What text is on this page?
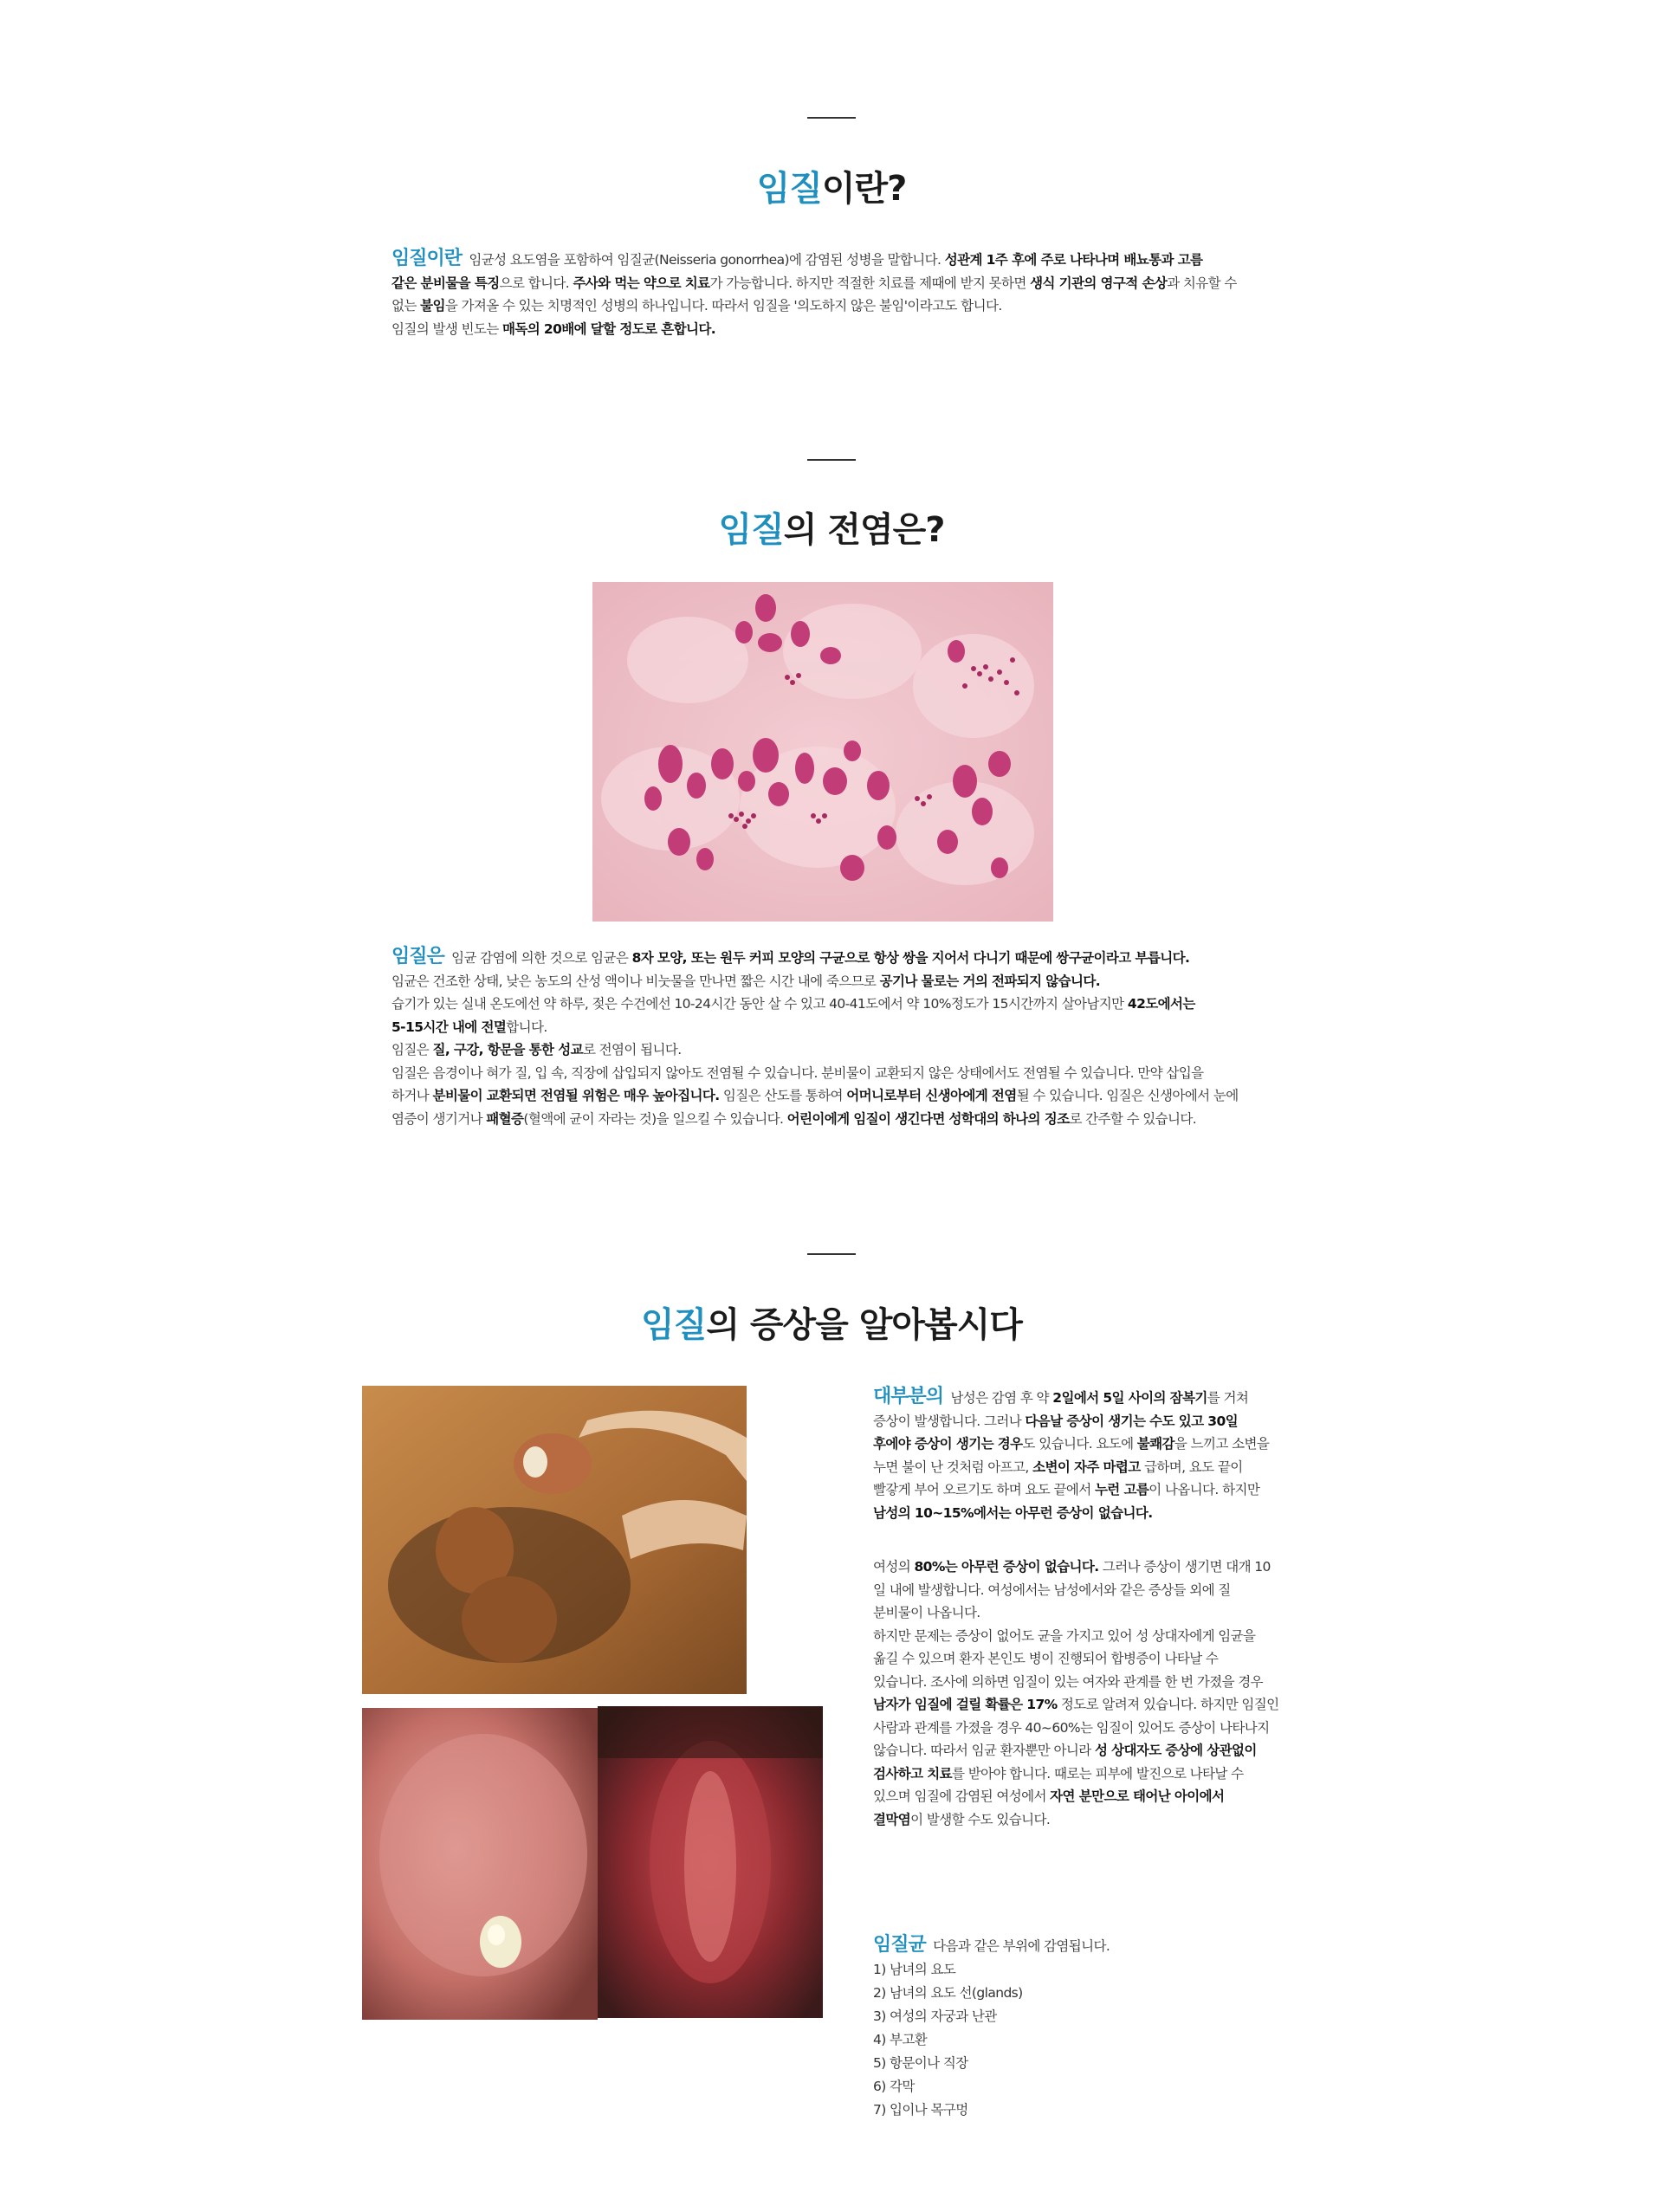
임질이란?
임질이란 임균성 요도염을 포함하여 임질균(Neisseria gonorrhea)에 감염된 성병을 말합니다. 성관계 1주 후에 주로 나타나며 배뇨통과 고름
같은 분비물을 특징으로 합니다. 주사와 먹는 약으로 치료가 가능합니다. 하지만 적절한 치료를 제때에 받지 못하면 생식 기관의 영구적 손상과 치유할 수
없는 불임을 가져올 수 있는 치명적인 성병의 하나입니다. 따라서 임질을 '의도하지 않은 불임'이라고도 합니다.
임질의 발생 빈도는 매독의 20배에 달할 정도로 흔합니다.
임질의 전염은?
임질은 임균 감염에 의한 것으로 임균은 8자 모양, 또는 원두 커피 모양의 구균으로 항상 쌍을 지어서 다니기 때문에 쌍구균이라고 부릅니다.
임균은 건조한 상태, 낮은 농도의 산성 액이나 비눗물을 만나면 짧은 시간 내에 죽으므로 공기나 물로는 거의 전파되지 않습니다.
습기가 있는 실내 온도에선 약 하루, 젖은 수건에선 10-24시간 동안 살 수 있고 40-41도에서 약 10%정도가 15시간까지 살아남지만 42도에서는
5-15시간 내에 전멸합니다.
임질은 질, 구강, 항문을 통한 성교로 전염이 됩니다.
임질은 음경이나 혀가 질, 입 속, 직장에 삽입되지 않아도 전염될 수 있습니다. 분비물이 교환되지 않은 상태에서도 전염될 수 있습니다. 만약 삽입을
하거나 분비물이 교환되면 전염될 위험은 매우 높아집니다. 임질은 산도를 통하여 어머니로부터 신생아에게 전염될 수 있습니다. 임질은 신생아에서 눈에
염증이 생기거나 패혈증(혈액에 균이 자라는 것)을 일으킬 수 있습니다. 어린이에게 임질이 생긴다면 성학대의 하나의 징조로 간주할 수 있습니다.
임질의 증상을 알아봅시다
대부분의 남성은 감염 후 약 2일에서 5일 사이의 잠복기를 거쳐
증상이 발생합니다. 그러나 다음날 증상이 생기는 수도 있고 30일
후에야 증상이 생기는 경우도 있습니다. 요도에 불쾌감을 느끼고 소변을
누면 불이 난 것처럼 아프고, 소변이 자주 마렵고 급하며, 요도 끝이
빨갛게 부어 오르기도 하며 요도 끝에서 누런 고름이 나옵니다. 하지만
남성의 10~15%에서는 아무런 증상이 없습니다.
여성의 80%는 아무런 증상이 없습니다. 그러나 증상이 생기면 대개 10
일 내에 발생합니다. 여성에서는 남성에서와 같은 증상들 외에 질
분비물이 나옵니다.
하지만 문제는 증상이 없어도 균을 가지고 있어 성 상대자에게 임균을
옮길 수 있으며 환자 본인도 병이 진행되어 합병증이 나타날 수
있습니다. 조사에 의하면 임질이 있는 여자와 관계를 한 번 가졌을 경우
남자가 임질에 걸릴 확률은 17% 정도로 알려져 있습니다. 하지만 임질인
사람과 관계를 가졌을 경우 40~60%는 임질이 있어도 증상이 나타나지
않습니다. 따라서 임균 환자뿐만 아니라 성 상대자도 증상에 상관없이
검사하고 치료를 받아야 합니다. 때로는 피부에 발진으로 나타날 수
있으며 임질에 감염된 여성에서 자연 분만으로 태어난 아이에서
결막염이 발생할 수도 있습니다.
임질균 다음과 같은 부위에 감염됩니다.
1) 남녀의 요도
2) 남녀의 요도 선(glands)
3) 여성의 자궁과 난관
4) 부고환
5) 항문이나 직장
6) 각막
7) 입이나 목구멍
